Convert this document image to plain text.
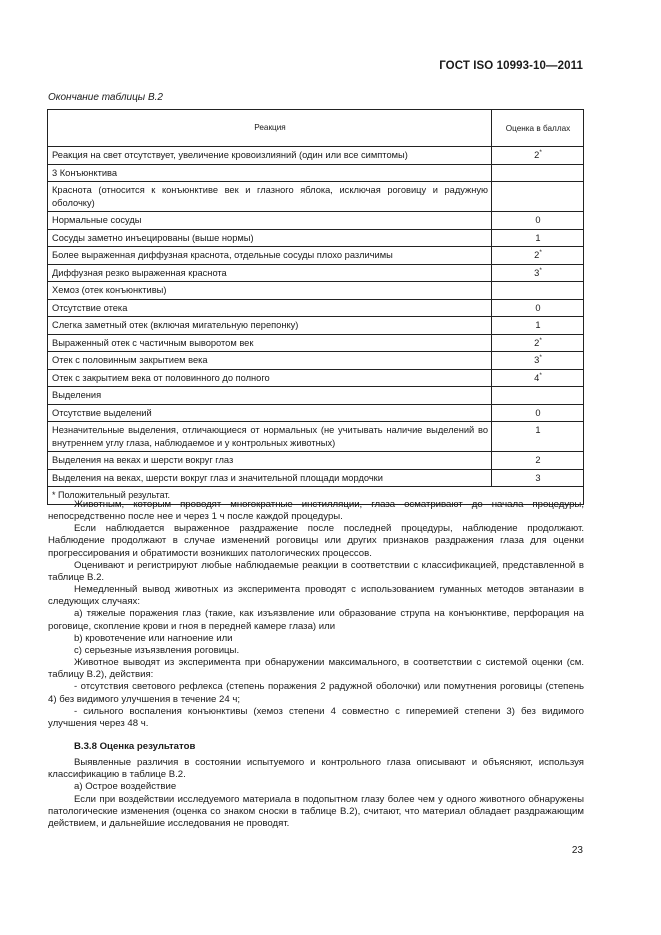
ГОСТ ISO 10993-10—2011
Окончание таблицы В.2
Реакция	Оценка в баллах
Реакция на свет отсутствует, увеличение кровоизлияний (один или все симптомы)	2*
3 Конъюнктива	
Краснота (относится к конъюнктиве век и глазного яблока, исключая роговицу и радужную оболочку)	
Нормальные сосуды	0
Сосуды заметно инъецированы (выше нормы)	1
Более выраженная диффузная краснота, отдельные сосуды плохо различимы	2*
Диффузная резко выраженная краснота	3*
Хемоз (отек конъюнктивы)	
Отсутствие отека	0
Слегка заметный отек (включая мигательную перепонку)	1
Выраженный отек с частичным выворотом век	2*
Отек с половинным закрытием века	3*
Отек с закрытием века от половинного до полного	4*
Выделения	
Отсутствие выделений	0
Незначительные выделения, отличающиеся от нормальных (не учитывать наличие выделений во внутреннем углу глаза, наблюдаемое и у контрольных животных)	1
Выделения на веках и шерсти вокруг глаз	2
Выделения на веках, шерсти вокруг глаз и значительной площади мордочки	3
* Положительный результат.	

Животным, которым проводят многократные инстилляции, глаза осматривают до начала процедуры, непосредственно после нее и через 1 ч после каждой процедуры.

Если наблюдается выраженное раздражение после последней процедуры, наблюдение продолжают. Наблюдение продолжают в случае изменений роговицы или других признаков раздражения глаза для оценки прогрессирования и обратимости возникших патологических процессов.

Оценивают и регистрируют любые наблюдаемые реакции в соответствии с классификацией, представленной в таблице В.2.

Немедленный вывод животных из эксперимента проводят с использованием гуманных методов эвтаназии в следующих случаях:

а) тяжелые поражения глаз (такие, как изъязвление или образование струпа на конъюнктиве, перфорация на роговице, скопление крови и гноя в передней камере глаза) или

b) кровотечение или нагноение или

c) серьезные изъязвления роговицы.

Животное выводят из эксперимента при обнаружении максимального, в соответствии с системой оценки (см. таблицу В.2), действия:

- отсутствия светового рефлекса (степень поражения 2 радужной оболочки) или помутнения роговицы (степень 4) без видимого улучшения в течение 24 ч;

- сильного воспаления конъюнктивы (хемоз степени 4 совместно с гиперемией степени 3) без видимого улучшения через 48 ч.

В.3.8 Оценка результатов

Выявленные различия в состоянии испытуемого и контрольного глаза описывают и объясняют, используя классификацию в таблице В.2.

а) Острое воздействие

Если при воздействии исследуемого материала в подопытном глазу более чем у одного животного обнаружены патологические изменения (оценка со знаком сноски в таблице В.2), считают, что материал обладает раздражающим действием, и дальнейшие исследования не проводят.

23
